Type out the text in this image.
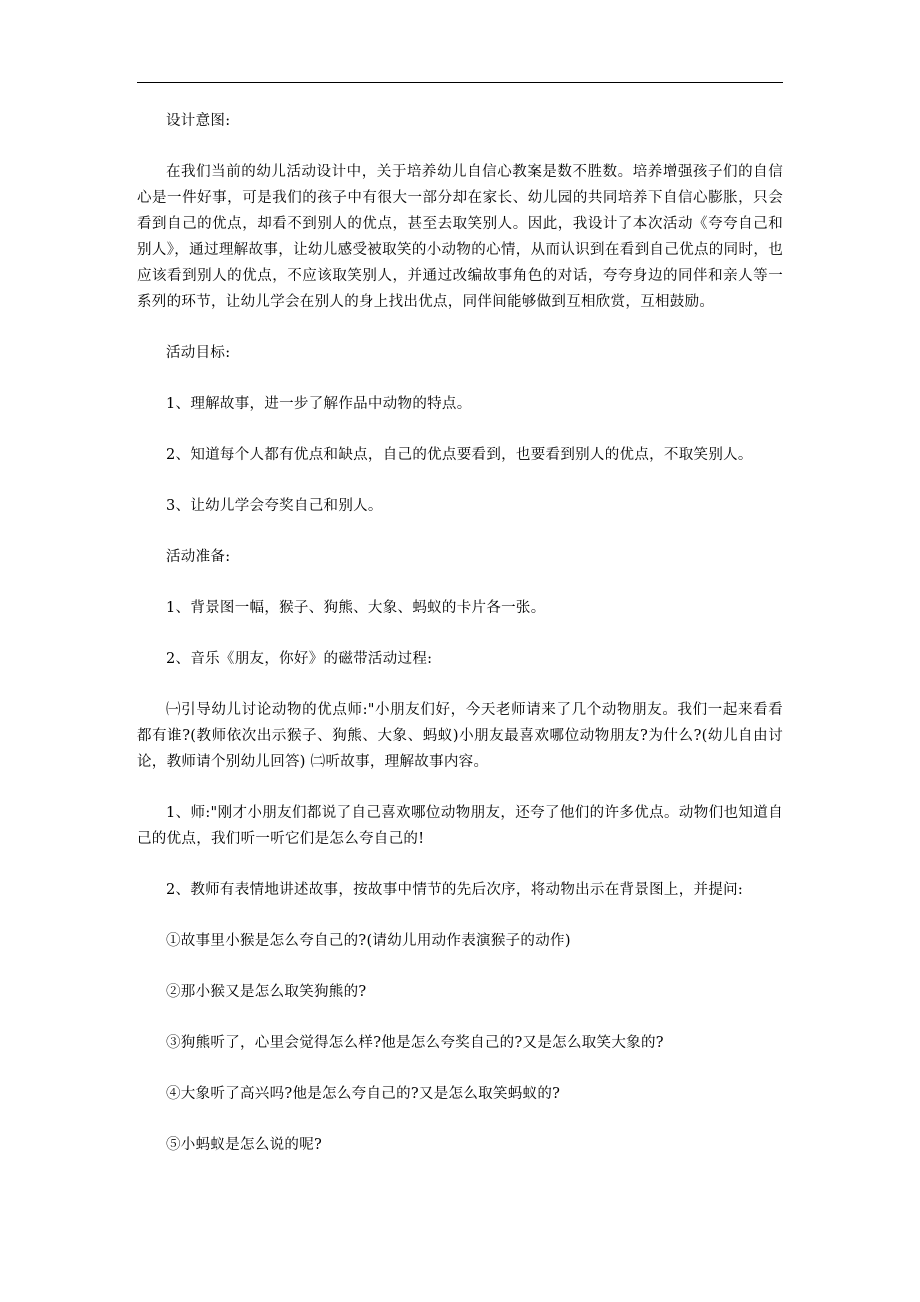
设计意图:

在我们当前的幼儿活动设计中，关于培养幼儿自信心教案是数不胜数。培养增强孩子们的自信心是一件好事，可是我们的孩子中有很大一部分却在家长、幼儿园的共同培养下自信心膨胀，只会看到自己的优点，却看不到别人的优点，甚至去取笑别人。因此，我设计了本次活动《夸夸自己和别人》，通过理解故事，让幼儿感受被取笑的小动物的心情，从而认识到在看到自己优点的同时，也应该看到别人的优点，不应该取笑别人，并通过改编故事角色的对话，夸夸身边的同伴和亲人等一系列的环节，让幼儿学会在别人的身上找出优点，同伴间能够做到互相欣赏，互相鼓励。

活动目标:

1、理解故事，进一步了解作品中动物的特点。

2、知道每个人都有优点和缺点，自己的优点要看到，也要看到别人的优点，不取笑别人。

3、让幼儿学会夸奖自己和别人。

活动准备:

1、背景图一幅，猴子、狗熊、大象、蚂蚁的卡片各一张。

2、音乐《朋友，你好》的磁带活动过程:

㈠引导幼儿讨论动物的优点师:"小朋友们好，今天老师请来了几个动物朋友。我们一起来看看都有谁?(教师依次出示猴子、狗熊、大象、蚂蚁)小朋友最喜欢哪位动物朋友?为什么?(幼儿自由讨论，教师请个别幼儿回答) ㈡听故事，理解故事内容。

1、师:"刚才小朋友们都说了自己喜欢哪位动物朋友，还夸了他们的许多优点。动物们也知道自己的优点，我们听一听它们是怎么夸自己的!

2、教师有表情地讲述故事，按故事中情节的先后次序，将动物出示在背景图上，并提问:

①故事里小猴是怎么夸自己的?(请幼儿用动作表演猴子的动作)

②那小猴又是怎么取笑狗熊的?

③狗熊听了，心里会觉得怎么样?他是怎么夸奖自己的?又是怎么取笑大象的?

④大象听了高兴吗?他是怎么夸自己的?又是怎么取笑蚂蚁的?

⑤小蚂蚁是怎么说的呢?
